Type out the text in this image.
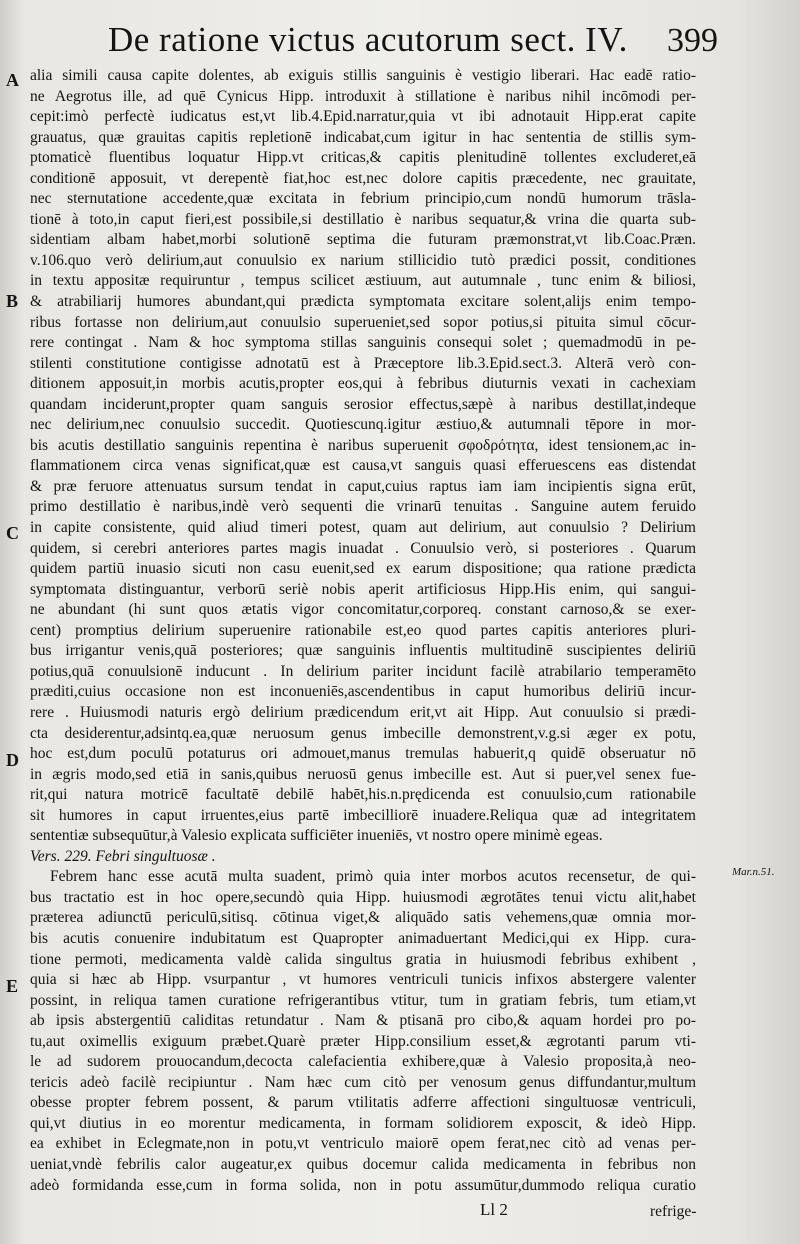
De ratione victus acutorum sect. IV. 399
A
B
C
D
E
Mar.n.51.
alia simili causa capite dolentes, ab exiguis stillis sanguinis è vestigio liberari. Hac eadē ratio-
ne Aegrotus ille, ad quē Cynicus Hipp. introduxit à stillatione è naribus nihil incōmodi per-
cepit:imò perfectè iudicatus est,vt lib.4.Epid.narratur,quia vt ibi adnotauit Hipp.erat capite
grauatus, quæ grauitas capitis repletionē indicabat,cum igitur in hac sententia de stillis sym-
ptomaticè fluentibus loquatur Hipp.vt criticas,& capitis plenitudinē tollentes excluderet,eā
conditionē apposuit, vt derepentè fiat,hoc est,nec dolore capitis præcedente, nec grauitate,
nec sternutatione accedente,quæ excitata in febrium principio,cum nondū humorum trāsla-
tionē à toto,in caput fieri,est possibile,si destillatio è naribus sequatur,& vrina die quarta sub-
sidentiam albam habet,morbi solutionē septima die futuram præmonstrat,vt lib.Coac.Præn.
v.106.quo verò delirium,aut conuulsio ex narium stillicidio tutò prædici possit, conditiones
in textu appositæ requiruntur , tempus scilicet æstiuum, aut autumnale , tunc enim & biliosi,
& atrabiliarij humores abundant,qui prædicta symptomata excitare solent,alijs enim tempo-
ribus fortasse non delirium,aut conuulsio superueniet,sed sopor potius,si pituita simul cōcur-
rere contingat . Nam & hoc symptoma stillas sanguinis consequi solet ; quemadmodū in pe-
stilenti constitutione contigisse adnotatū est à Præceptore lib.3.Epid.sect.3. Alterā verò con-
ditionem apposuit,in morbis acutis,propter eos,qui à febribus diuturnis vexati in cachexiam
quandam inciderunt,propter quam sanguis serosior effectus,sæpè à naribus destillat,indeque
nec delirium,nec conuulsio succedit. Quotiescunq.igitur æstiuo,& autumnali tēpore in mor-
bis acutis destillatio sanguinis repentina è naribus superuenit σφοδρότητα, idest tensionem,ac in-
flammationem circa venas significat,quæ est causa,vt sanguis quasi efferuescens eas distendat
& præ feruore attenuatus sursum tendat in caput,cuius raptus iam iam incipientis signa erūt,
primo destillatio è naribus,indè verò sequenti die vrinarū tenuitas . Sanguine autem feruido
in capite consistente, quid aliud timeri potest, quam aut delirium, aut conuulsio ? Delirium
quidem, si cerebri anteriores partes magis inuadat . Conuulsio verò, si posteriores . Quarum
quidem partiū inuasio sicuti non casu euenit,sed ex earum dispositione; qua ratione prædicta
symptomata distinguantur, verborū seriè nobis aperit artificiosus Hipp.His enim, qui sangui-
ne abundant (hi sunt quos ætatis vigor concomitatur,corporeq. constant carnoso,& se exer-
cent) promptius delirium superuenire rationabile est,eo quod partes capitis anteriores pluri-
bus irrigantur venis,quā posteriores; quæ sanguinis influentis multitudinē suscipientes deliriū
potius,quā conuulsionē inducunt . In delirium pariter incidunt facilè atrabilario temperamēto
præditi,cuius occasione non est inconueniēs,ascendentibus in caput humoribus deliriū incur-
rere . Huiusmodi naturis ergò delirium prædicendum erit,vt ait Hipp. Aut conuulsio si prædi-
cta desiderentur,adsintq.ea,quæ neruosum genus imbecille demonstrent,v.g.si æger ex potu,
hoc est,dum poculū potaturus ori admouet,manus tremulas habuerit,q quidē obseruatur nō
in ægris modo,sed etiā in sanis,quibus neruosū genus imbecille est. Aut si puer,vel senex fue-
rit,qui natura motricē facultatē debilē habēt,his.n.prędicenda est conuulsio,cum rationabile
sit humores in caput irruentes,eius partē imbecilliorē inuadere.Reliqua quæ ad integritatem
sententiæ subsequūtur,à Valesio explicata sufficiēter inueniēs, vt nostro opere minimè egeas.
Vers. 229. Febri singultuosæ .
Febrem hanc esse acutā multa suadent, primò quia inter morbos acutos recensetur, de qui-
bus tractatio est in hoc opere,secundò quia Hipp. huiusmodi ægrotātes tenui victu alit,habet
præterea adiunctū periculū,sitisq. cōtinua viget,& aliquādo satis vehemens,quæ omnia mor-
bis acutis conuenire indubitatum est Quapropter animaduertant Medici,qui ex Hipp. cura-
tione permoti, medicamenta valdè calida singultus gratia in huiusmodi febribus exhibent ,
quia si hæc ab Hipp. vsurpantur , vt humores ventriculi tunicis infixos abstergere valenter
possint, in reliqua tamen curatione refrigerantibus vtitur, tum in gratiam febris, tum etiam,vt
ab ipsis abstergentiū caliditas retundatur . Nam & ptisanā pro cibo,& aquam hordei pro po-
tu,aut oximellis exiguum præbet.Quarè præter Hipp.consilium esset,& ægrotanti parum vti-
le ad sudorem prouocandum,decocta calefacientia exhibere,quæ à Valesio proposita,à neo-
tericis adeò facilè recipiuntur . Nam hæc cum citò per venosum genus diffundantur,multum
obesse propter febrem possent, & parum vtilitatis adferre affectioni singultuosæ ventriculi,
qui,vt diutius in eo morentur medicamenta, in formam solidiorem exposcit, & ideò Hipp.
ea exhibet in Eclegmate,non in potu,vt ventriculo maiorē opem ferat,nec citò ad venas per-
ueniat,vndè febrilis calor augeatur,ex quibus docemur calida medicamenta in febribus non
adeò formidanda esse,cum in forma solida, non in potu assumūtur,dummodo reliqua curatio
Ll 2	refrige-
